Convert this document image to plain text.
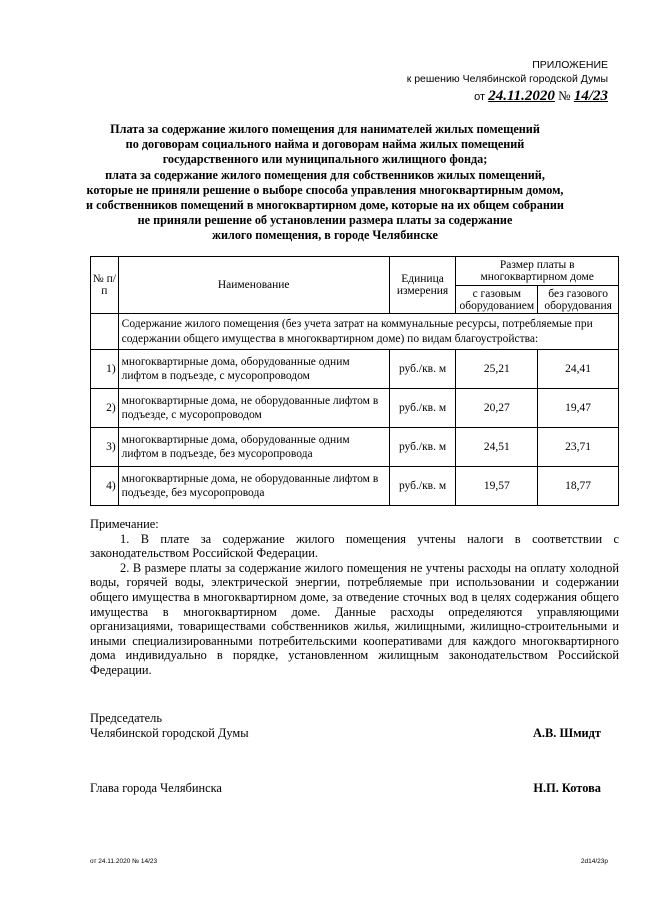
ПРИЛОЖЕНИЕ
к решению Челябинской городской Думы
от 24.11.2020 № 14/23
Плата за содержание жилого помещения для нанимателей жилых помещений
по договорам социального найма и договорам найма жилых помещений
государственного или муниципального жилищного фонда;
плата за содержание жилого помещения для собственников жилых помещений,
которые не приняли решение о выборе способа управления многоквартирным домом,
и собственников помещений в многоквартирном доме, которые на их общем собрании
не приняли решение об установлении размера платы за содержание
жилого помещения, в городе Челябинске
№ п/п	Наименование	Единица измерения	Размер платы в многоквартирном доме	
			с газовым оборудованием	без газового оборудования
	Содержание жилого помещения (без учета затрат на коммунальные ресурсы, потребляемые при содержании общего имущества в многоквартирном доме) по видам благоустройства:			
1)	многоквартирные дома, оборудованные одним лифтом в подъезде, с мусоропроводом	руб./кв. м	25,21	24,41
2)	многоквартирные дома, не оборудованные лифтом в подъезде, с мусоропроводом	руб./кв. м	20,27	19,47
3)	многоквартирные дома, оборудованные одним лифтом в подъезде, без мусоропровода	руб./кв. м	24,51	23,71
4)	многоквартирные дома, не оборудованные лифтом в подъезде, без мусоропровода	руб./кв. м	19,57	18,77

Примечание:

1. В плате за содержание жилого помещения учтены налоги в соответствии с законодательством Российской Федерации.

2. В размере платы за содержание жилого помещения не учтены расходы на оплату холодной воды, горячей воды, электрической энергии, потребляемые при использовании и содержании общего имущества в многоквартирном доме, за отведение сточных вод в целях содержания общего имущества в многоквартирном доме. Данные расходы определяются управляющими организациями, товариществами собственников жилья, жилищными, жилищно-строительными и иными специализированными потребительскими кооперативами для каждого многоквартирного дома индивидуально в порядке, установленном жилищным законодательством Российской Федерации.

Председатель
Челябинской городской Думы	А.В. Шмидт
Глава города Челябинска	Н.П. Котова
от 24.11.2020 № 14/23	2d14/23p
